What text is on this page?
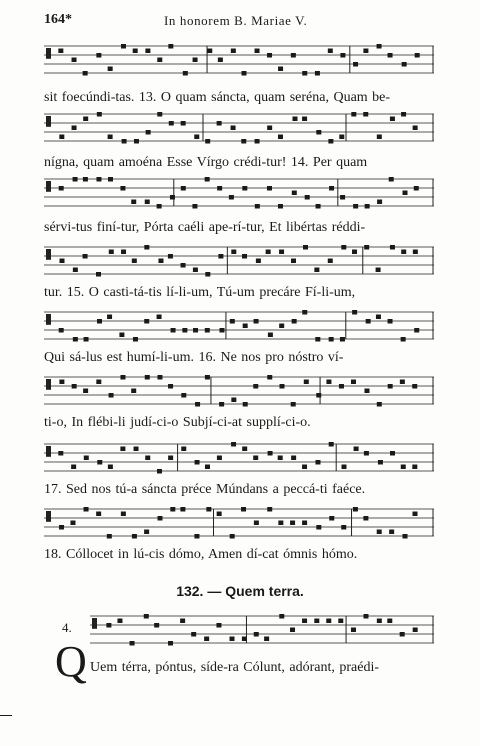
164*	In honorem B. Mariae V.
sit foecúndi-tas. 13. O quam sáncta, quam seréna, Quam be-
nígna, quam amoéna Esse Vírgo crédi-tur! 14. Per quam
sérvi-tus finí-tur, Pórta caéli ape-rí-tur, Et libértas réddi-
tur. 15. O casti-tá-tis lí-li-um, Tú-um precáre Fí-li-um,
Qui sá-lus est humí-li-um. 16. Ne nos pro nóstro ví-
ti-o, In flébi-li judí-ci-o Subjí-ci-at supplí-ci-o.
17. Sed nos tú-a sáncta préce Múndans a peccá-ti faéce.
18. Cóllocet in lú-cis dómo, Amen dí-cat ómnis hómo.
132. — Quem terra.
4.
Q Uem térra, póntus, síde-ra Cólunt, adórant, praédi-
